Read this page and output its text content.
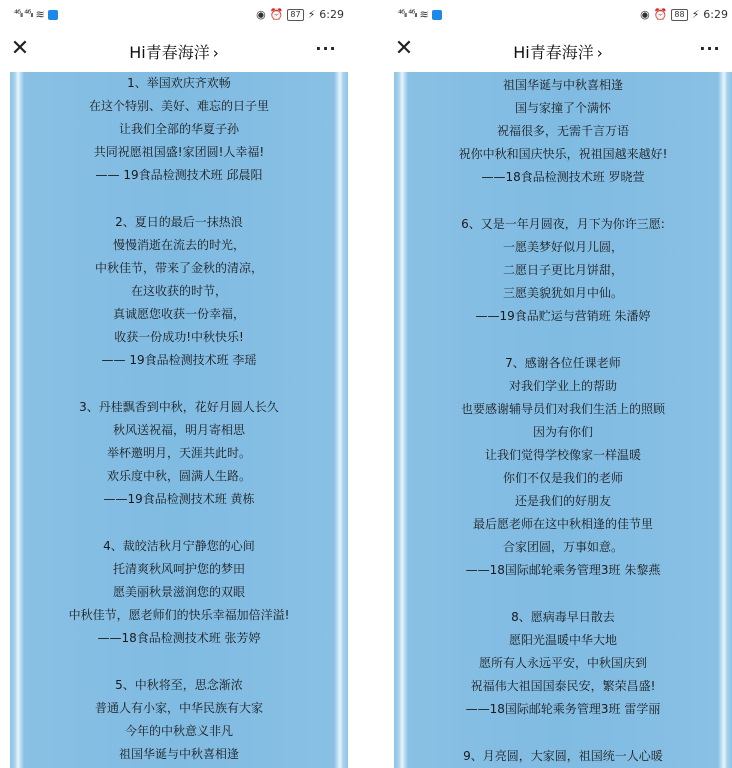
⁴⁶ᵢₗₗ ⁴⁶ᵢₗₗ ≋	◉ ⏰ 87 ⚡ 6:29
✕	Hi青春海洋 ›	···
1、举国欢庆齐欢畅
在这个特别、美好、难忘的日子里
让我们全部的华夏子孙
共同祝愿祖国盛!家团圆!人幸福!
—— 19食品检测技术班 邱晨阳
2、夏日的最后一抹热浪
慢慢消逝在流去的时光，
中秋佳节，带来了金秋的清凉，
在这收获的时节，
真诚愿您收获一份幸福，
收获一份成功!中秋快乐!
—— 19食品检测技术班 李瑶
3、丹桂飘香到中秋，花好月圆人长久
秋风送祝福，明月寄相思
举杯邀明月，天涯共此时。
欢乐度中秋，圆满人生路。
——19食品检测技术班 黄栋
4、裁皎洁秋月宁静您的心间
托清爽秋风呵护您的梦田
愿美丽秋景滋润您的双眼
中秋佳节，愿老师们的快乐幸福加倍洋溢!
——18食品检测技术班 张芳婷
5、中秋将至，思念渐浓
普通人有小家，中华民族有大家
今年的中秋意义非凡
祖国华诞与中秋喜相逢
⁴⁶ᵢₗₗ ⁴⁶ᵢₗₗ ≋	◉ ⏰ 88 ⚡ 6:29
✕	Hi青春海洋 ›	···
祖国华诞与中秋喜相逢
国与家撞了个满怀
祝福很多，无需千言万语
祝你中秋和国庆快乐，祝祖国越来越好!
——18食品检测技术班 罗晓萱
6、又是一年月圆夜，月下为你许三愿:
一愿美梦好似月儿圆，
二愿日子更比月饼甜，
三愿美貌犹如月中仙。
——19食品贮运与营销班 朱潘婷
7、感谢各位任课老师
对我们学业上的帮助
也要感谢辅导员们对我们生活上的照顾
因为有你们
让我们觉得学校像家一样温暖
你们不仅是我们的老师
还是我们的好朋友
最后愿老师在这中秋相逢的佳节里
合家团圆，万事如意。
——18国际邮轮乘务管理3班 朱黎燕
8、愿病毒早日散去
愿阳光温暖中华大地
愿所有人永远平安，中秋国庆到
祝福伟大祖国国泰民安，繁荣昌盛!
——18国际邮轮乘务管理3班 雷学丽
9、月亮圆，大家圆，祖国统一人心暖
